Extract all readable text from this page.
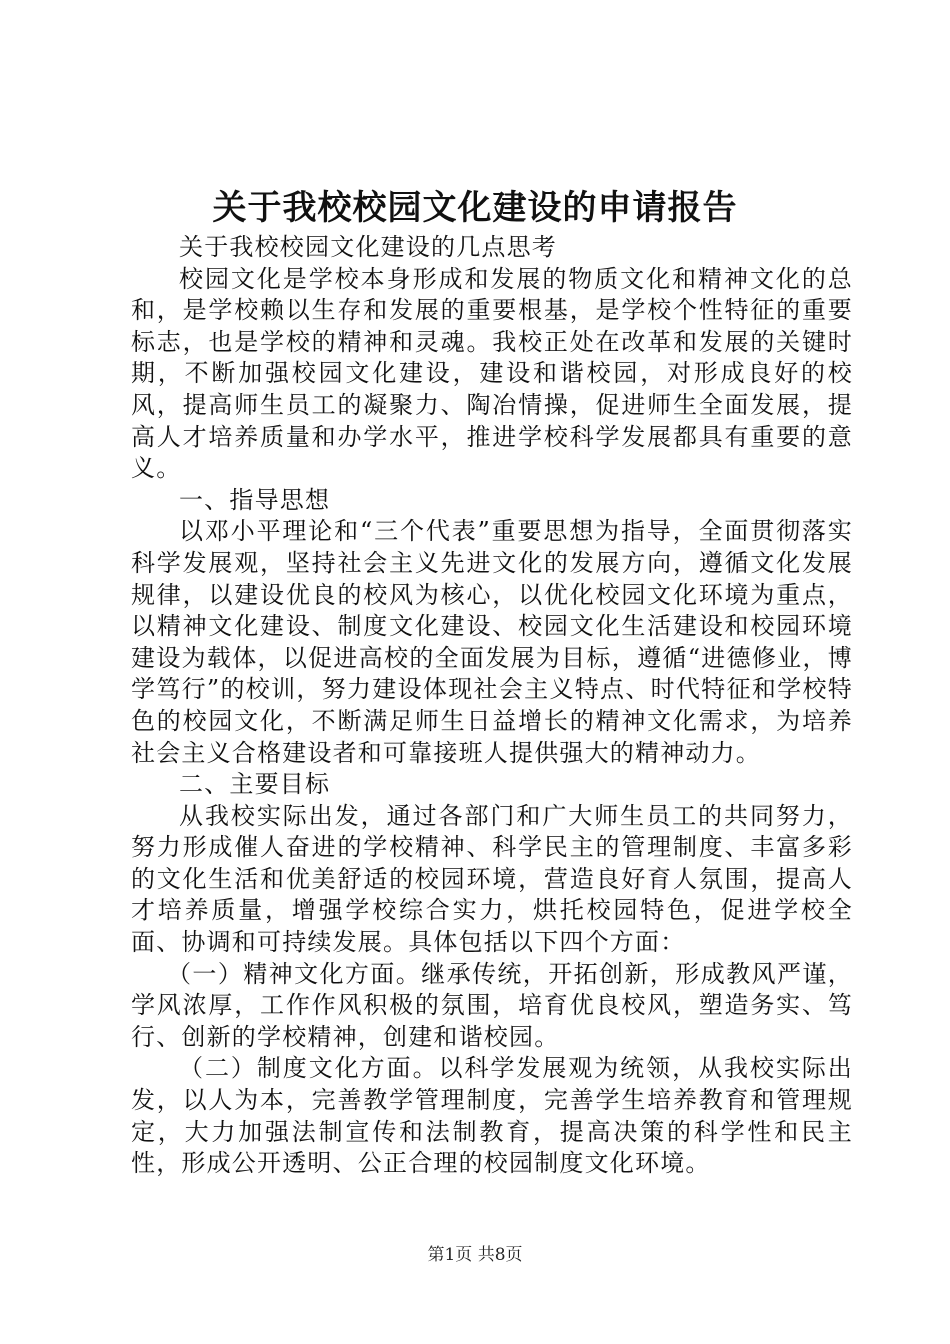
关于我校校园文化建设的申请报告

关于我校校园文化建设的几点思考

校园文化是学校本身形成和发展的物质文化和精神文化的总和，是学校赖以生存和发展的重要根基，是学校个性特征的重要标志，也是学校的精神和灵魂。我校正处在改革和发展的关键时期，不断加强校园文化建设，建设和谐校园，对形成良好的校风，提高师生员工的凝聚力、陶冶情操，促进师生全面发展，提高人才培养质量和办学水平，推进学校科学发展都具有重要的意义。

一、指导思想

以邓小平理论和“三个代表”重要思想为指导，全面贯彻落实科学发展观，坚持社会主义先进文化的发展方向，遵循文化发展规律，以建设优良的校风为核心，以优化校园文化环境为重点，以精神文化建设、制度文化建设、校园文化生活建设和校园环境建设为载体，以促进高校的全面发展为目标，遵循“进德修业，博学笃行”的校训，努力建设体现社会主义特点、时代特征和学校特色的校园文化，不断满足师生日益增长的精神文化需求，为培养社会主义合格建设者和可靠接班人提供强大的精神动力。

二、主要目标

从我校实际出发，通过各部门和广大师生员工的共同努力，努力形成催人奋进的学校精神、科学民主的管理制度、丰富多彩的文化生活和优美舒适的校园环境，营造良好育人氛围，提高人才培养质量，增强学校综合实力，烘托校园特色，促进学校全面、协调和可持续发展。具体包括以下四个方面：

（一）精神文化方面。继承传统，开拓创新，形成教风严谨，学风浓厚，工作作风积极的氛围，培育优良校风，塑造务实、笃行、创新的学校精神，创建和谐校园。

（二）制度文化方面。以科学发展观为统领，从我校实际出发，以人为本，完善教学管理制度，完善学生培养教育和管理规定，大力加强法制宣传和法制教育，提高决策的科学性和民主性，形成公开透明、公正合理的校园制度文化环境。

第1页 共8页
